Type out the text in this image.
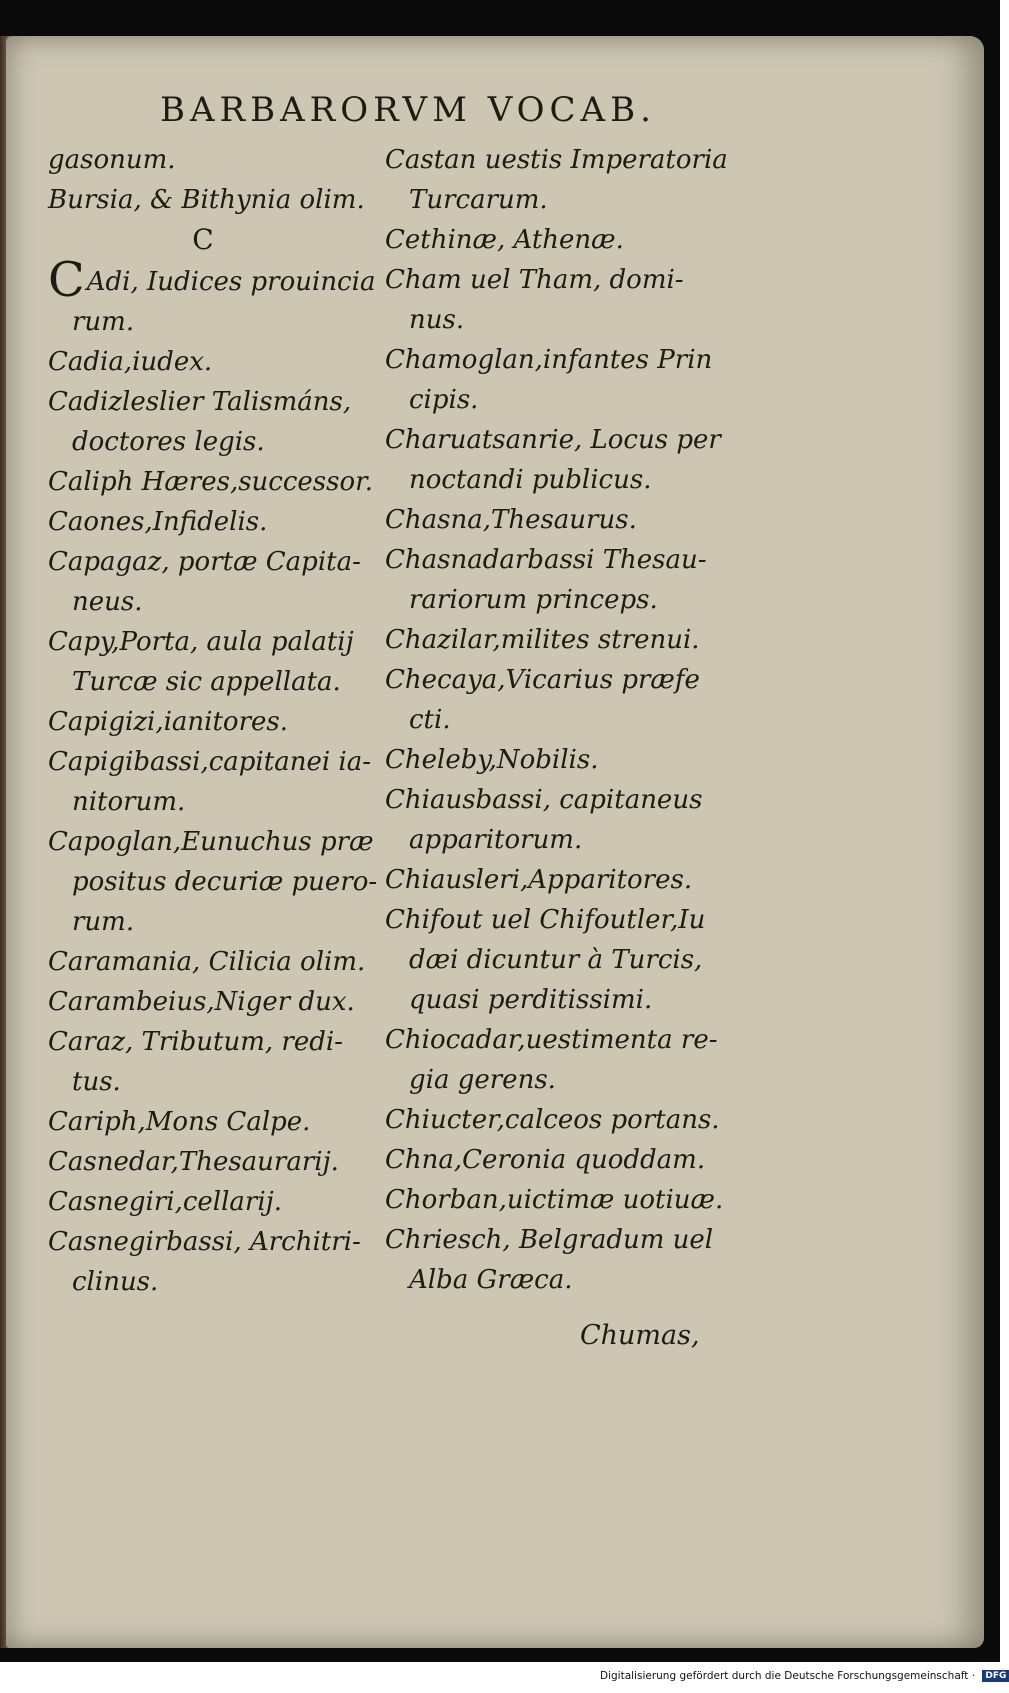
BARBARORVM VOCAB.
gasonum.
Bursia, & Bithynia olim.
C
CAdi, Iudices prouincia
rum.
Cadia,iudex.
Cadizleslier Talismáns,
doctores legis.
Caliph Hæres,successor.
Caones,Infidelis.
Capagaz, portæ Capita-
neus.
Capy,Porta, aula palatij
Turcæ sic appellata.
Capigizi,ianitores.
Capigibassi,capitanei ia-
nitorum.
Capoglan,Eunuchus præ
positus decuriæ puero-
rum.
Caramania, Cilicia olim.
Carambeius,Niger dux.
Caraz, Tributum, redi-
tus.
Cariph,Mons Calpe.
Casnedar,Thesaurarij.
Casnegiri,cellarij.
Casnegirbassi, Architri-
clinus.
Castan uestis Imperatoria
Turcarum.
Cethinæ, Athenæ.
Cham uel Tham, domi-
nus.
Chamoglan,infantes Prin
cipis.
Charuatsanrie, Locus per
noctandi publicus.
Chasna,Thesaurus.
Chasnadarbassi Thesau-
rariorum princeps.
Chazilar,milites strenui.
Checaya,Vicarius præfe
cti.
Cheleby,Nobilis.
Chiausbassi, capitaneus
apparitorum.
Chiausleri,Apparitores.
Chifout uel Chifoutler,Iu
dæi dicuntur à Turcis,
quasi perditissimi.
Chiocadar,uestimenta re-
gia gerens.
Chiucter,calceos portans.
Chna,Ceronia quoddam.
Chorban,uictimæ uotiuæ.
Chriesch, Belgradum uel
Alba Græca.
Chumas,
Digitalisierung gefördert durch die Deutsche Forschungsgemeinschaft · DFG
